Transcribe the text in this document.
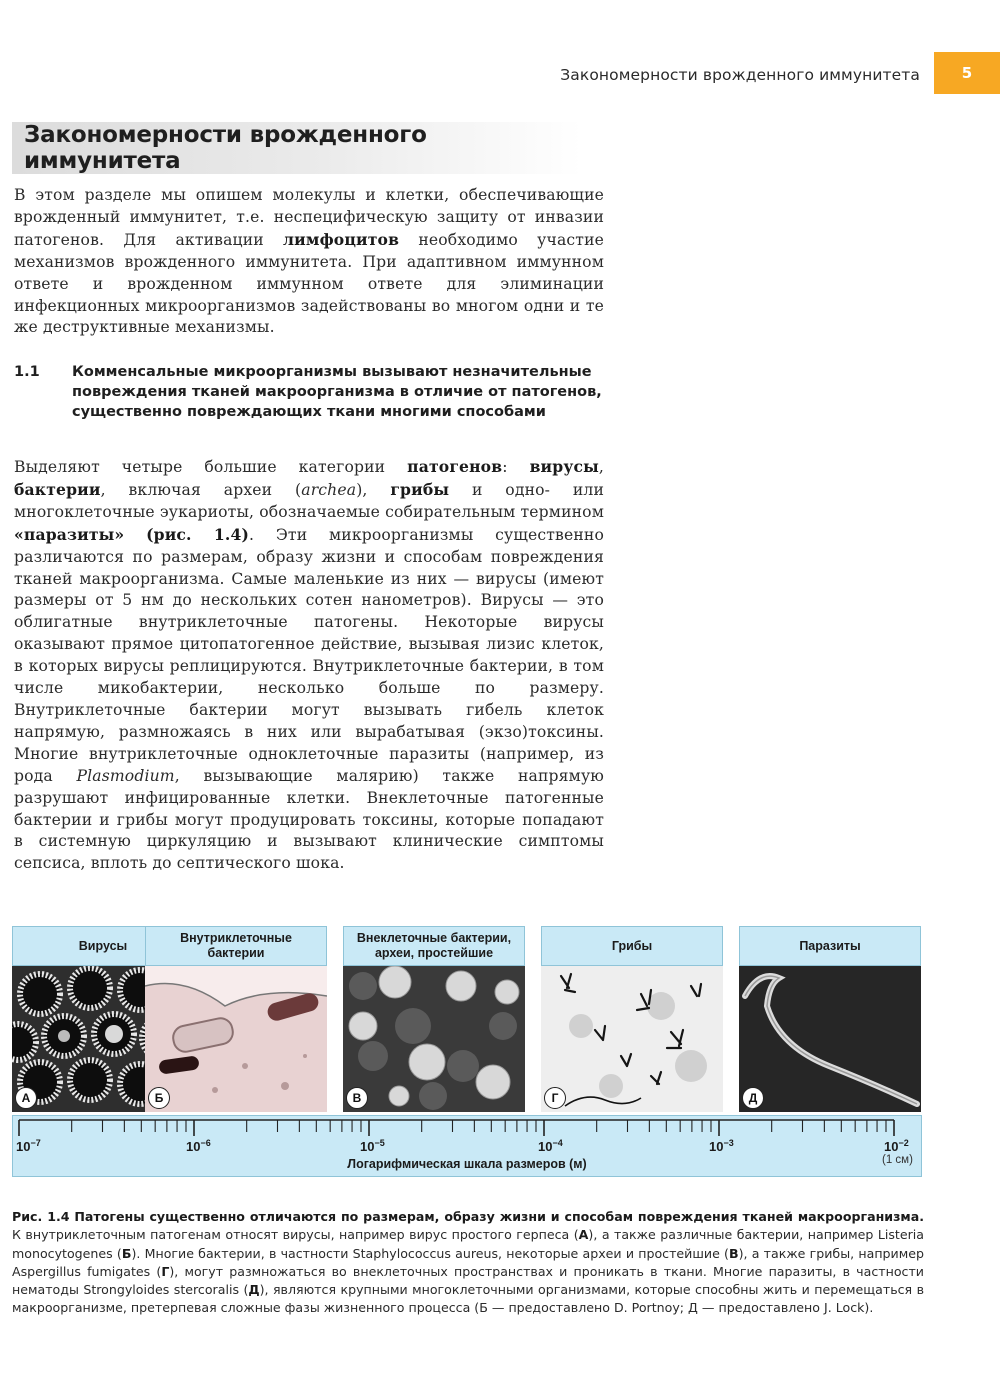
Закономерности врожденного иммунитета	5
Закономерности врожденного иммунитета

В этом разделе мы опишем молекулы и клетки, обеспечивающие врожденный иммунитет, т.е. неспецифическую защиту от инвазии патогенов. Для активации лимфоцитов необходимо участие механизмов врожденного иммунитета. При адаптивном иммунном ответе и врожденном иммунном ответе для элиминации инфекционных микроорганизмов задействованы во многом одни и те же деструктивные механизмы.

1.1 Комменсальные микроорганизмы вызывают незначительные повреждения тканей макроорганизма в отличие от патогенов, существенно повреждающих ткани многими способами

Выделяют четыре большие категории патогенов: вирусы, бактерии, включая археи (archea), грибы и одно- или многоклеточные эукариоты, обозначаемые собирательным термином «паразиты» (рис. 1.4). Эти микроорганизмы существенно различаются по размерам, образу жизни и способам повреждения тканей макроорганизма. Самые маленькие из них — вирусы (имеют размеры от 5 нм до нескольких сотен нанометров). Вирусы — это облигатные внутриклеточные патогены. Некоторые вирусы оказывают прямое цитопатогенное действие, вызывая лизис клеток, в которых вирусы реплицируются. Внутриклеточные бактерии, в том числе микобактерии, несколько больше по размеру. Внутриклеточные бактерии могут вызывать гибель клеток напрямую, размножаясь в них или вырабатывая (экзо)токсины. Многие внутриклеточные одноклеточные паразиты (например, из рода Plasmodium, вызывающие малярию) также напрямую разрушают инфицированные клетки. Внеклеточные патогенные бактерии и грибы могут продуцировать токсины, которые попадают в системную циркуляцию и вызывают клинические симптомы сепсиса, вплоть до септического шока.

Вирусы
А
Внутриклеточные бактерии
Б
Внеклеточные бактерии, археи, простейшие
В
Грибы
Г
Паразиты
Д
$10^{-7}$	$10^{-6}$	$10^{-5}$	$10^{-4}$	$10^{-3}$	$10^{-2}$
(1 см)
Логарифмическая шкала размеров (м)

Рис. 1.4 Патогены существенно отличаются по размерам, образу жизни и способам повреждения тканей макроорганизма. К внутриклеточным патогенам относят вирусы, например вирус простого герпеса (А), а также различные бактерии, например Listeria monocytogenes (Б). Многие бактерии, в частности Staphylococcus aureus, некоторые археи и простейшие (В), а также грибы, например Aspergillus fumigates (Г), могут размножаться во внеклеточных пространствах и проникать в ткани. Многие паразиты, в частности нематоды Strongyloides stercoralis (Д), являются крупными многоклеточными организмами, которые способны жить и перемещаться в макроорганизме, претерпевая сложные фазы жизненного процесса (Б — предоставлено D. Portnoy; Д — предоставлено J. Lock).
